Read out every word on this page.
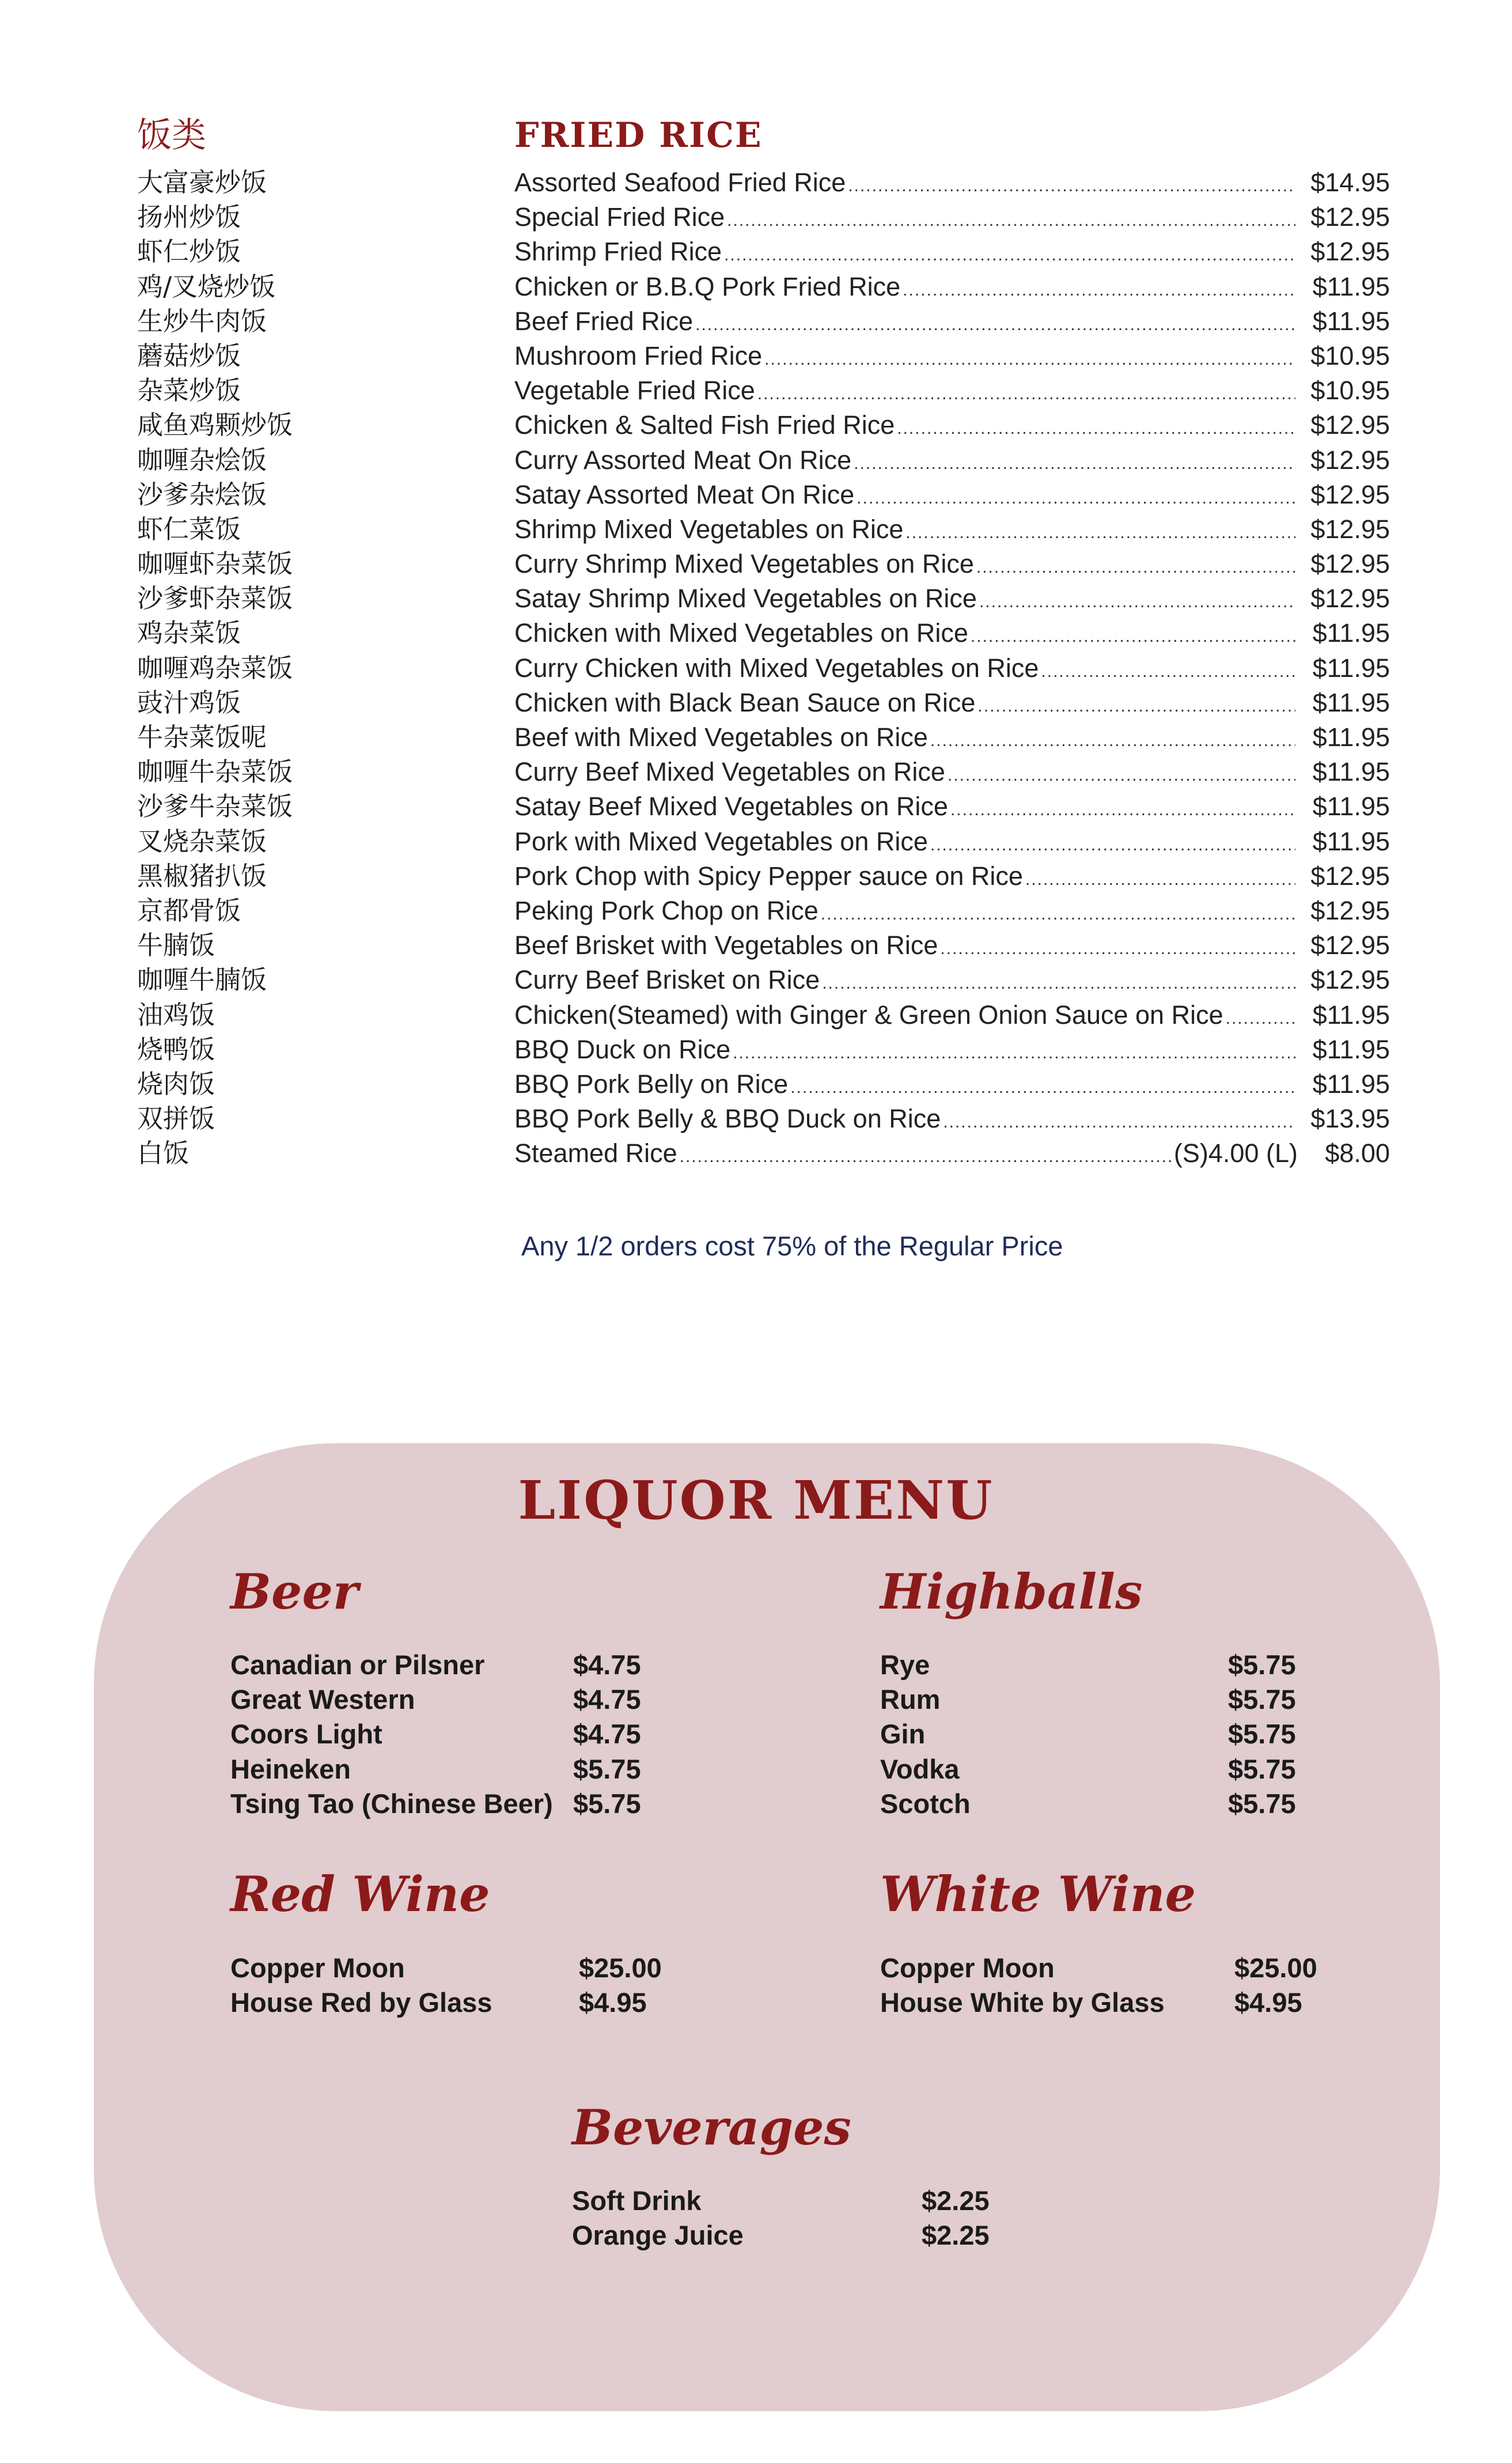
饭类	FRIED RICE
大富豪炒饭	Assorted Seafood Fried Rice .....	$14.95
扬州炒饭	Special Fried Rice .....	$12.95
虾仁炒饭	Shrimp Fried Rice .....	$12.95
鸡/叉烧炒饭	Chicken or B.B.Q Pork Fried Rice .....	$11.95
生炒牛肉饭	Beef Fried Rice .....	$11.95
蘑菇炒饭	Mushroom Fried Rice .....	$10.95
杂菜炒饭	Vegetable Fried Rice .....	$10.95
咸鱼鸡颗炒饭	Chicken & Salted Fish Fried Rice .....	$12.95
咖喱杂烩饭	Curry Assorted Meat On Rice .....	$12.95
沙爹杂烩饭	Satay Assorted Meat On Rice .....	$12.95
虾仁菜饭	Shrimp Mixed Vegetables on Rice .....	$12.95
咖喱虾杂菜饭	Curry Shrimp Mixed Vegetables on Rice .....	$12.95
沙爹虾杂菜饭	Satay Shrimp Mixed Vegetables on Rice .....	$12.95
鸡杂菜饭	Chicken with Mixed Vegetables on Rice .....	$11.95
咖喱鸡杂菜饭	Curry Chicken with Mixed Vegetables on Rice .....	$11.95
豉汁鸡饭	Chicken with Black Bean Sauce on Rice .....	$11.95
牛杂菜饭呢	Beef with Mixed Vegetables on Rice .....	$11.95
咖喱牛杂菜饭	Curry Beef Mixed Vegetables on Rice .....	$11.95
沙爹牛杂菜饭	Satay Beef Mixed Vegetables on Rice .....	$11.95
叉烧杂菜饭	Pork with Mixed Vegetables on Rice .....	$11.95
黑椒猪扒饭	Pork Chop with Spicy Pepper sauce on Rice .....	$12.95
京都骨饭	Peking Pork Chop on Rice .....	$12.95
牛腩饭	Beef Brisket with Vegetables on Rice .....	$12.95
咖喱牛腩饭	Curry Beef Brisket on Rice .....	$12.95
油鸡饭	Chicken(Steamed) with Ginger & Green Onion Sauce on Rice .....	$11.95
烧鸭饭	BBQ Duck on Rice .....	$11.95
烧肉饭	BBQ Pork Belly on Rice .....	$11.95
双拼饭	BBQ Pork Belly & BBQ Duck on Rice .....	$13.95
白饭	Steamed Rice .....	(S)4.00 (L)	$8.00
Any 1/2 orders cost 75% of the Regular Price
LIQUOR MENU
Beer
Canadian or Pilsner	$4.75
Great Western	$4.75
Coors Light	$4.75
Heineken	$5.75
Tsing Tao (Chinese Beer) $5.75
Highballs
Rye	$5.75
Rum	$5.75
Gin	$5.75
Vodka	$5.75
Scotch	$5.75
Red Wine
Copper Moon	$25.00
House Red by Glass	$4.95
White Wine
Copper Moon	$25.00
House White by Glass	$4.95
Beverages
Soft Drink	$2.25
Orange Juice	$2.25
